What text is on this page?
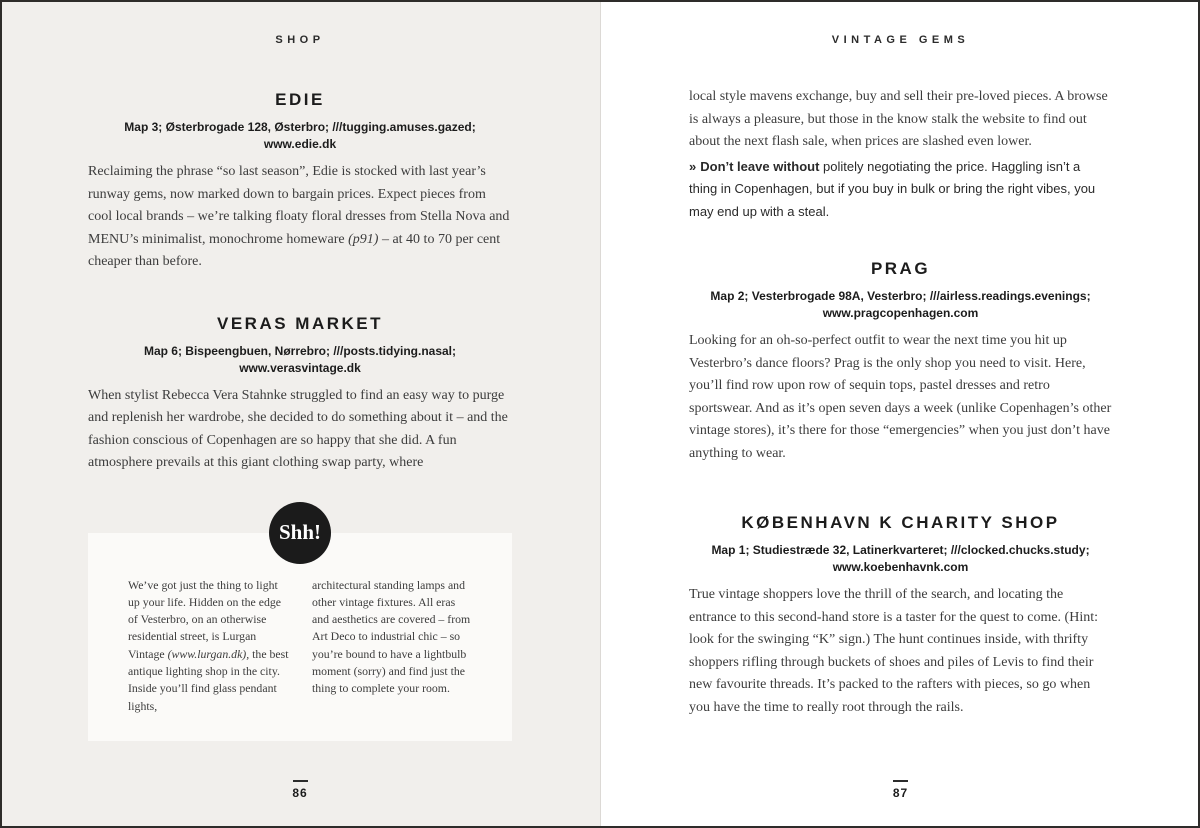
SHOP
EDIE

Map 3; Østerbrogade 128, Østerbro; ///tugging.amuses.gazed; www.edie.dk

Reclaiming the phrase “so last season”, Edie is stocked with last year’s runway gems, now marked down to bargain prices. Expect pieces from cool local brands – we’re talking floaty floral dresses from Stella Nova and MENU’s minimalist, monochrome homeware (p91) – at 40 to 70 per cent cheaper than before.

VERAS MARKET

Map 6; Bispeengbuen, Nørrebro; ///posts.tidying.nasal;
www.verasvintage.dk

When stylist Rebecca Vera Stahnke struggled to find an easy way to purge and replenish her wardrobe, she decided to do something about it – and the fashion conscious of Copenhagen are so happy that she did. A fun atmosphere prevails at this giant clothing swap party, where

Shh!
We’ve got just the thing to light up your life. Hidden on the edge of Vesterbro, on an otherwise residential street, is Lurgan Vintage (www.lurgan.dk), the best antique lighting shop in the city. Inside you’ll find glass pendant lights,
architectural standing lamps and other vintage fixtures. All eras and aesthetics are covered – from Art Deco to industrial chic – so you’re bound to have a lightbulb moment (sorry) and find just the thing to complete your room.
86
VINTAGE GEMS

local style mavens exchange, buy and sell their pre-loved pieces. A browse is always a pleasure, but those in the know stalk the website to find out about the next flash sale, when prices are slashed even lower.

» Don’t leave without politely negotiating the price. Haggling isn’t a thing in Copenhagen, but if you buy in bulk or bring the right vibes, you may end up with a steal.

PRAG

Map 2; Vesterbrogade 98A, Vesterbro; ///airless.readings.evenings;
www.pragcopenhagen.com

Looking for an oh-so-perfect outfit to wear the next time you hit up Vesterbro’s dance floors? Prag is the only shop you need to visit. Here, you’ll find row upon row of sequin tops, pastel dresses and retro sportswear. And as it’s open seven days a week (unlike Copenhagen’s other vintage stores), it’s there for those “emergencies” when you just don’t have anything to wear.

KØBENHAVN K CHARITY SHOP

Map 1; Studiestræde 32, Latinerkvarteret; ///clocked.chucks.study;
www.koebenhavnk.com

True vintage shoppers love the thrill of the search, and locating the entrance to this second-hand store is a taster for the quest to come. (Hint: look for the swinging “K” sign.) The hunt continues inside, with thrifty shoppers rifling through buckets of shoes and piles of Levis to find their new favourite threads. It’s packed to the rafters with pieces, so go when you have the time to really root through the rails.

87
